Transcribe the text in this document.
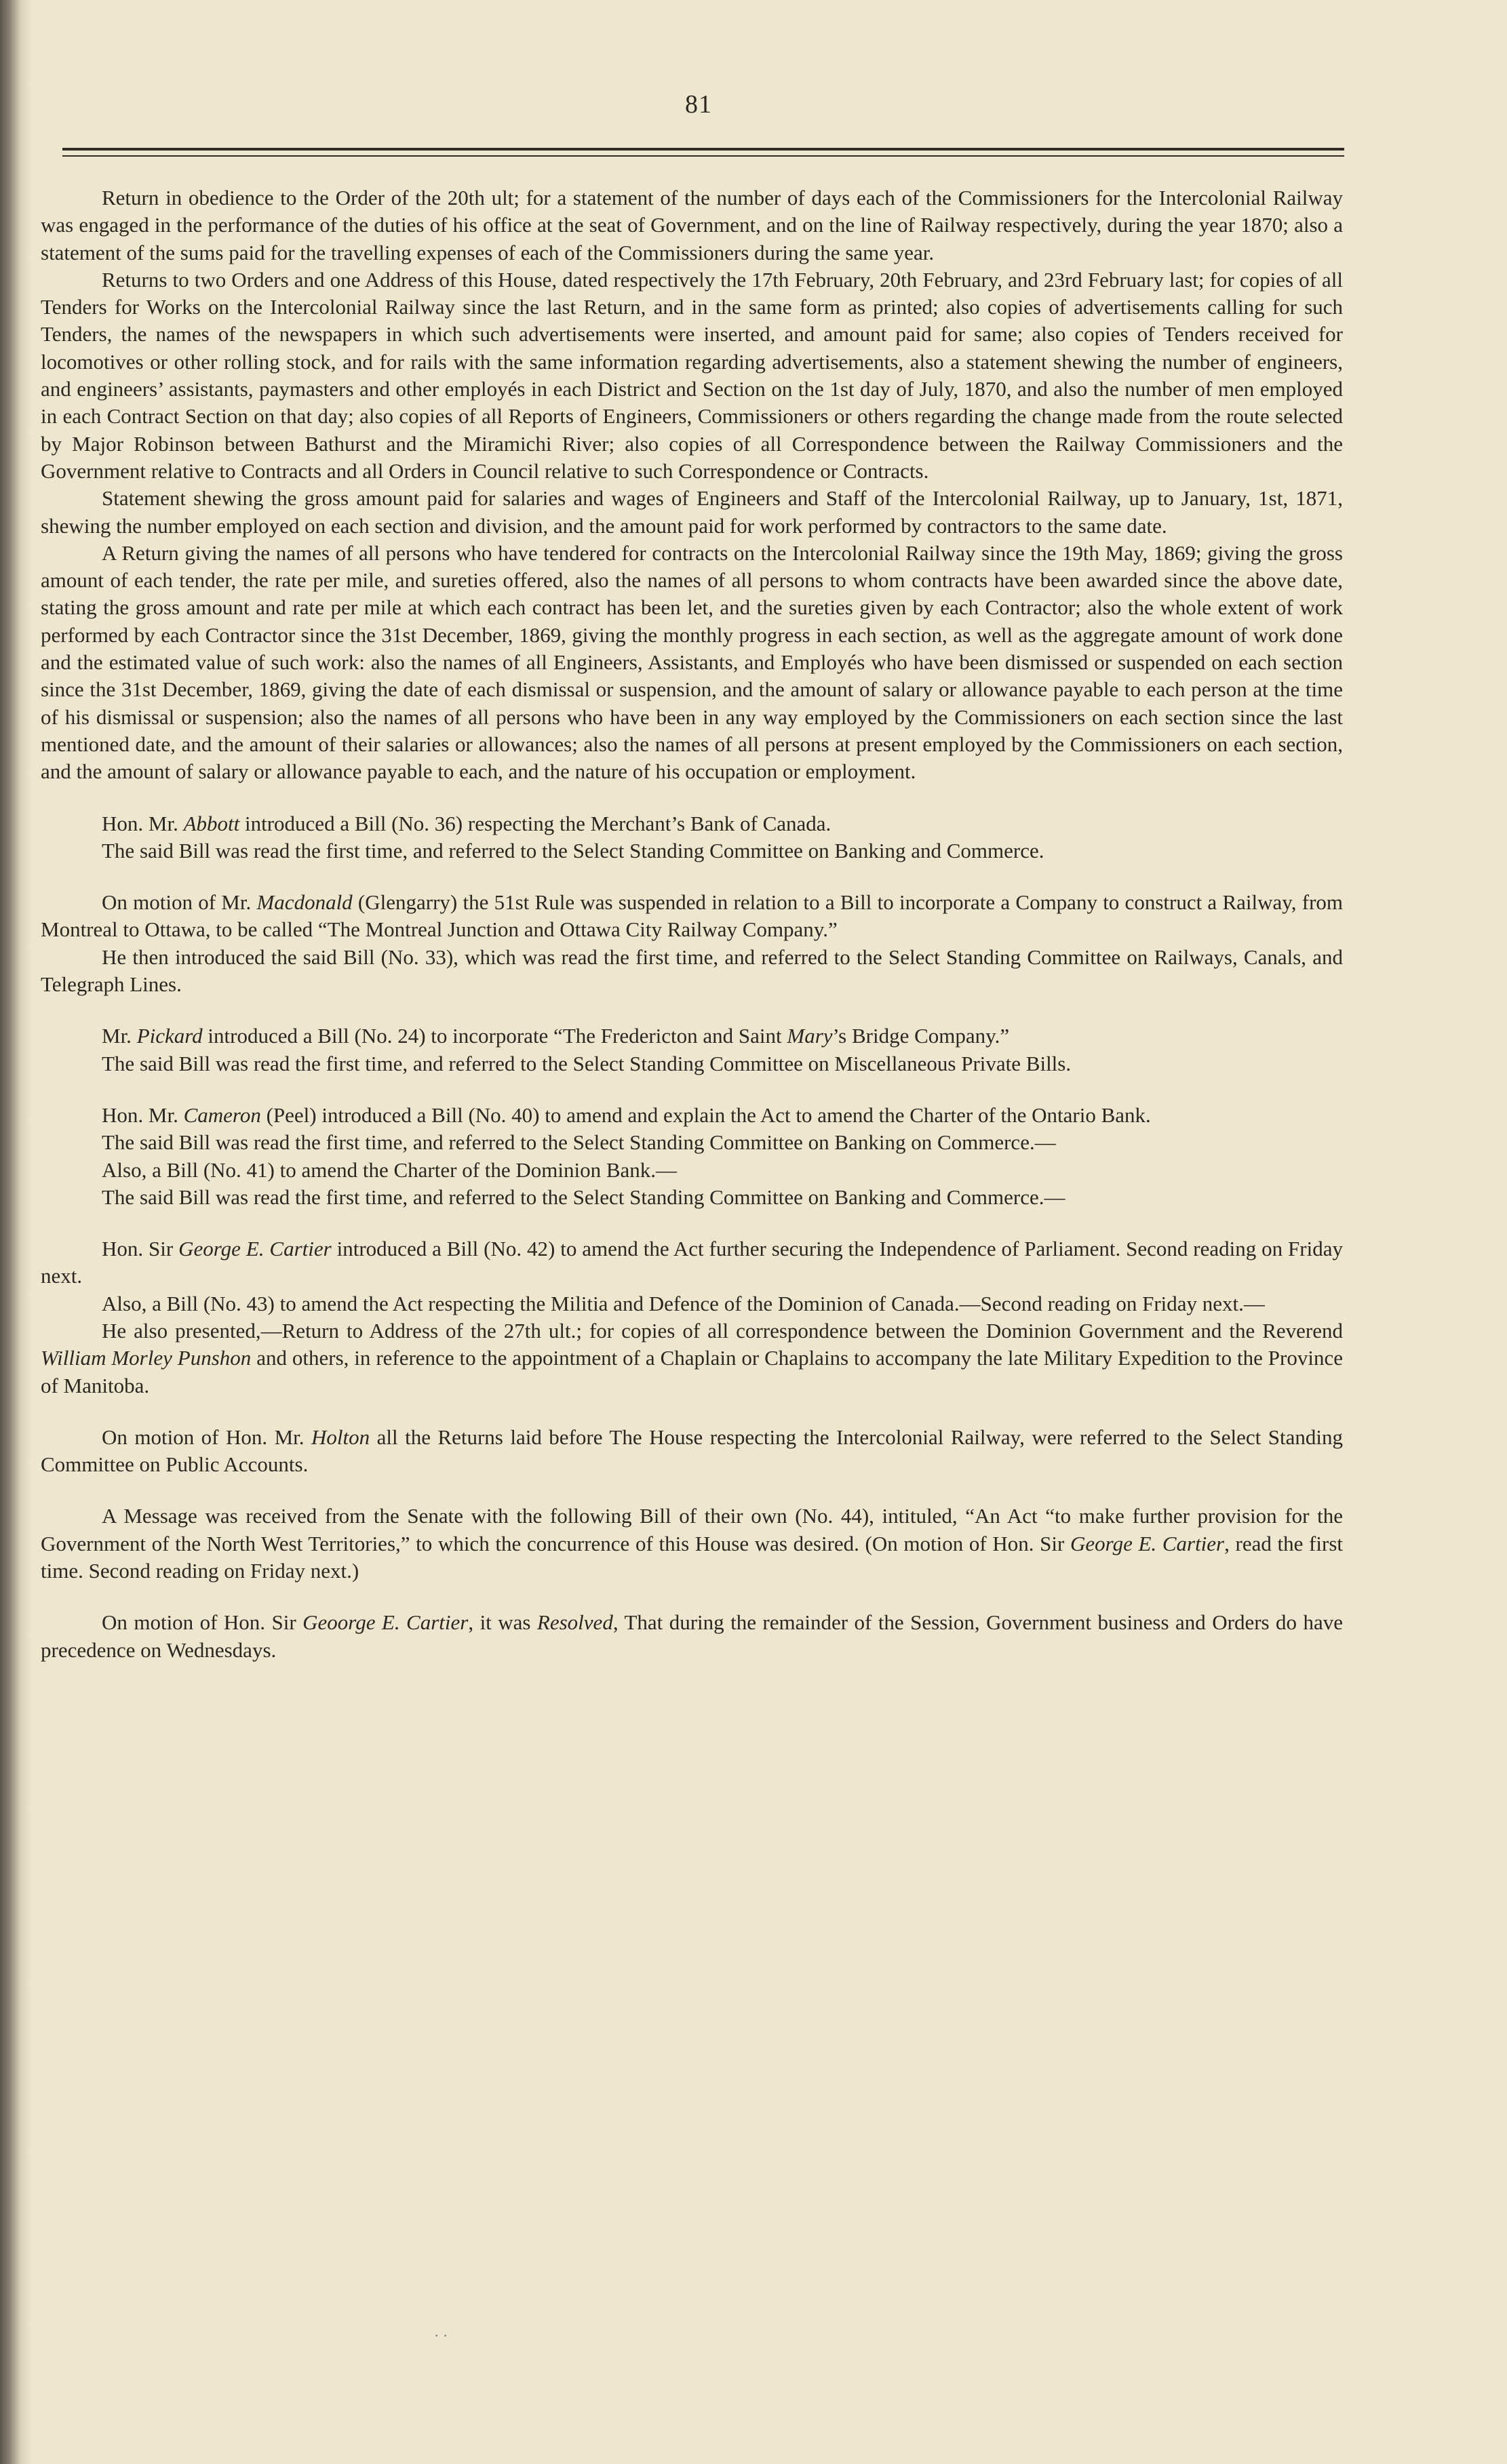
81

Return in obedience to the Order of the 20th ult; for a statement of the number of days each of the Commissioners for the Intercolonial Railway was engaged in the performance of the duties of his office at the seat of Government, and on the line of Railway respectively, during the year 1870; also a statement of the sums paid for the travelling expenses of each of the Commissioners during the same year.

Returns to two Orders and one Address of this House, dated respectively the 17th February, 20th February, and 23rd February last; for copies of all Tenders for Works on the Intercolonial Railway since the last Return, and in the same form as printed; also copies of advertisements calling for such Tenders, the names of the newspapers in which such advertisements were inserted, and amount paid for same; also copies of Tenders received for locomotives or other rolling stock, and for rails with the same information regarding advertisements, also a statement shewing the number of engineers, and engineers’ assistants, paymasters and other employés in each District and Section on the 1st day of July, 1870, and also the number of men employed in each Contract Section on that day; also copies of all Reports of Engineers, Commissioners or others regarding the change made from the route selected by Major Robinson between Bathurst and the Miramichi River; also copies of all Correspondence between the Railway Commissioners and the Government relative to Contracts and all Orders in Council relative to such Correspondence or Contracts.

Statement shewing the gross amount paid for salaries and wages of Engineers and Staff of the Intercolonial Railway, up to January, 1st, 1871, shewing the number employed on each section and division, and the amount paid for work performed by contractors to the same date.

A Return giving the names of all persons who have tendered for contracts on the Intercolonial Railway since the 19th May, 1869; giving the gross amount of each tender, the rate per mile, and sureties offered, also the names of all persons to whom contracts have been awarded since the above date, stating the gross amount and rate per mile at which each contract has been let, and the sureties given by each Contractor; also the whole extent of work performed by each Contractor since the 31st December, 1869, giving the monthly progress in each section, as well as the aggregate amount of work done and the estimated value of such work: also the names of all Engineers, Assistants, and Employés who have been dismissed or suspended on each section since the 31st December, 1869, giving the date of each dismissal or suspension, and the amount of salary or allowance payable to each person at the time of his dismissal or suspension; also the names of all persons who have been in any way employed by the Commissioners on each section since the last mentioned date, and the amount of their salaries or allowances; also the names of all persons at present employed by the Commissioners on each section, and the amount of salary or allowance payable to each, and the nature of his occupation or employment.

Hon. Mr. Abbott introduced a Bill (No. 36) respecting the Merchant’s Bank of Canada.

The said Bill was read the first time, and referred to the Select Standing Committee on Banking and Commerce.

On motion of Mr. Macdonald (Glengarry) the 51st Rule was suspended in relation to a Bill to incorporate a Company to construct a Railway, from Montreal to Ottawa, to be called “The Montreal Junction and Ottawa City Railway Company.”

He then introduced the said Bill (No. 33), which was read the first time, and referred to the Select Standing Committee on Railways, Canals, and Telegraph Lines.

Mr. Pickard introduced a Bill (No. 24) to incorporate “The Fredericton and Saint Mary’s Bridge Company.”

The said Bill was read the first time, and referred to the Select Standing Committee on Miscellaneous Private Bills.

Hon. Mr. Cameron (Peel) introduced a Bill (No. 40) to amend and explain the Act to amend the Charter of the Ontario Bank.

The said Bill was read the first time, and referred to the Select Standing Committee on Banking on Commerce.—

Also, a Bill (No. 41) to amend the Charter of the Dominion Bank.—

The said Bill was read the first time, and referred to the Select Standing Committee on Banking and Commerce.—

Hon. Sir George E. Cartier introduced a Bill (No. 42) to amend the Act further securing the Independence of Parliament. Second reading on Friday next.

Also, a Bill (No. 43) to amend the Act respecting the Militia and Defence of the Dominion of Canada.—Second reading on Friday next.—

He also presented,—Return to Address of the 27th ult.; for copies of all correspondence between the Dominion Government and the Reverend William Morley Punshon and others, in reference to the appointment of a Chaplain or Chaplains to accompany the late Military Expedition to the Province of Manitoba.

On motion of Hon. Mr. Holton all the Returns laid before The House respecting the Intercolonial Railway, were referred to the Select Standing Committee on Public Accounts.

A Message was received from the Senate with the following Bill of their own (No. 44), intituled, “An Act “to make further provision for the Government of the North West Territories,” to which the concurrence of this House was desired. (On motion of Hon. Sir George E. Cartier, read the first time. Second reading on Friday next.)

On motion of Hon. Sir Geoorge E. Cartier, it was Resolved, That during the remainder of the Session, Government business and Orders do have precedence on Wednesdays.

· ·
